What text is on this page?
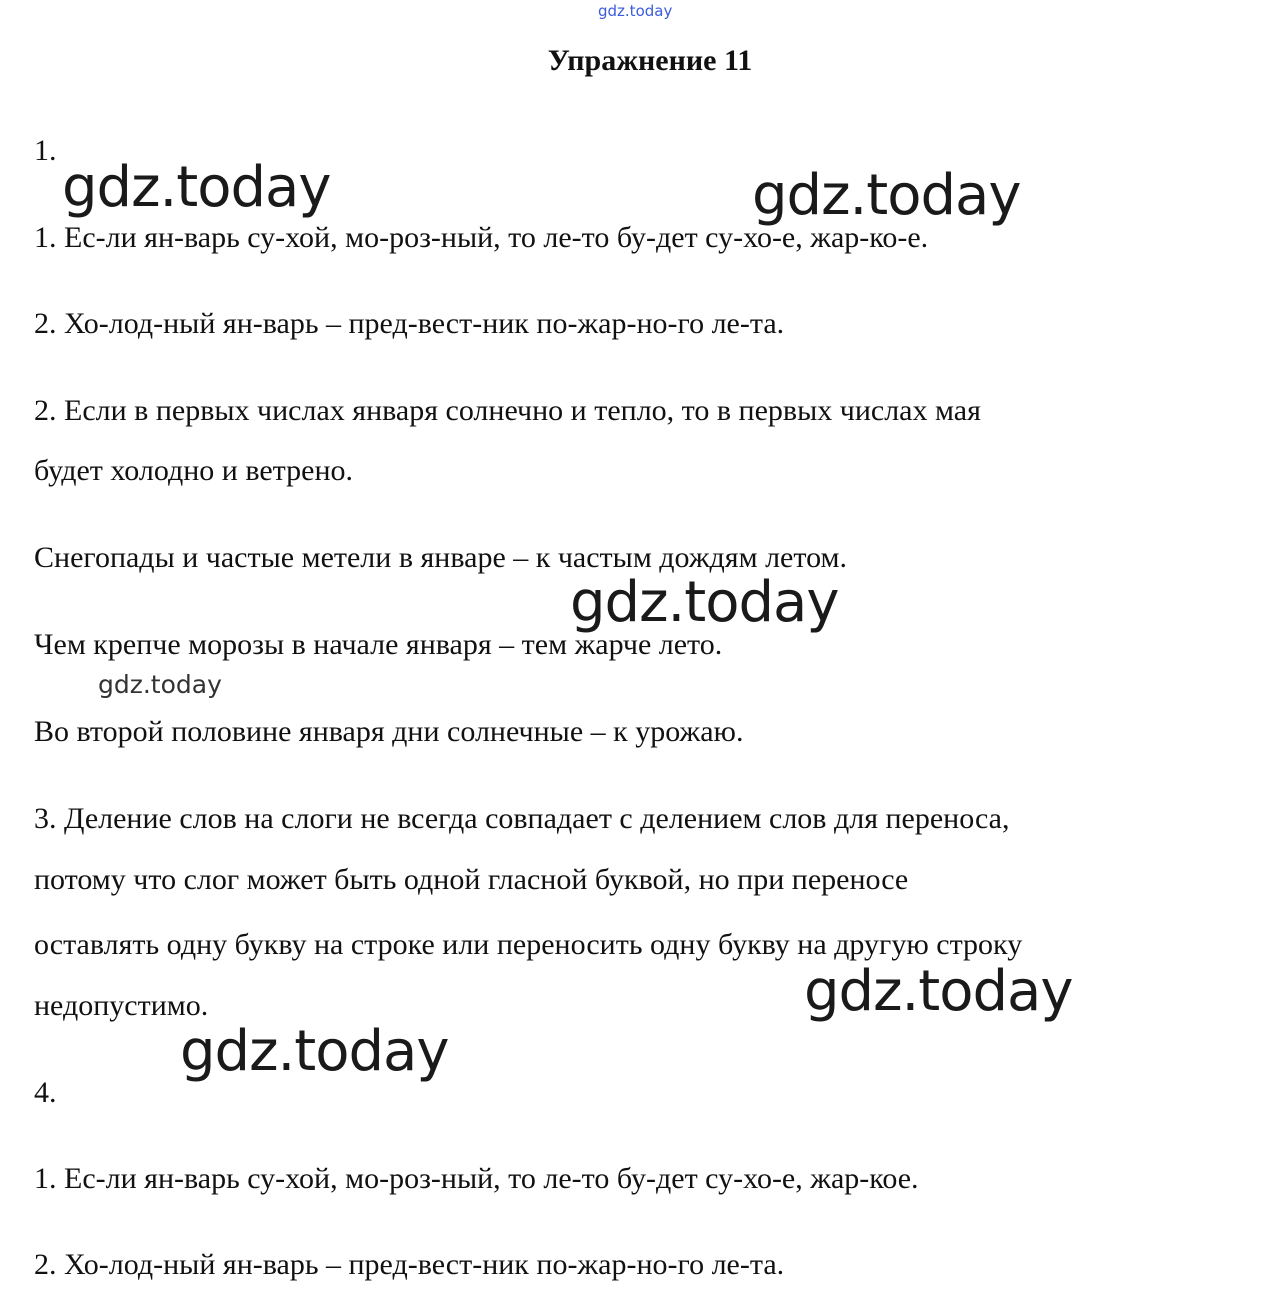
gdz.today
Упражнение 11
1.
1. Ес-ли ян-варь су-хой, мо-роз-ный, то ле-то бу-дет су-хо-е, жар-ко-е.
2. Хо-лод-ный ян-варь – пред-вест-ник по-жар-но-го ле-та.
2. Если в первых числах января солнечно и тепло, то в первых числах мая
будет холодно и ветрено.
Снегопады и частые метели в январе – к частым дождям летом.
Чем крепче морозы в начале января – тем жарче лето.
Во второй половине января дни солнечные – к урожаю.
3. Деление слов на слоги не всегда совпадает с делением слов для переноса,
потому что слог может быть одной гласной буквой, но при переносе
оставлять одну букву на строке или переносить одну букву на другую строку
недопустимо.
4.
1. Ес-ли ян-варь су-хой, мо-роз-ный, то ле-то бу-дет су-хо-е, жар-кое.
2. Хо-лод-ный ян-варь – пред-вест-ник по-жар-но-го ле-та.
gdz.today	gdz.today
gdz.today
gdz.today
gdz.today
gdz.today
